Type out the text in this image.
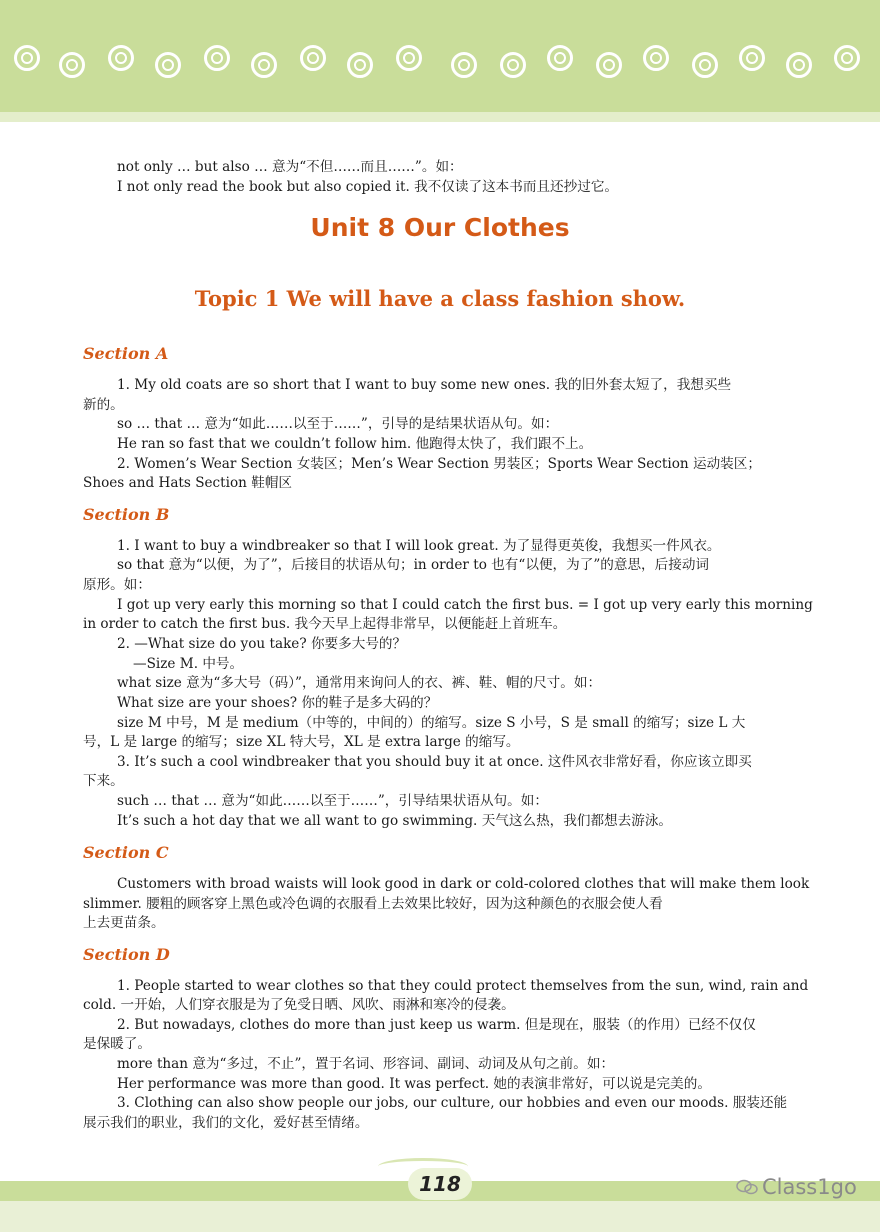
not only … but also … 意为“不但……而且……”。如：
I not only read the book but also copied it. 我不仅读了这本书而且还抄过它。
Unit 8 Our Clothes
Topic 1 We will have a class fashion show.
Section A
1. My old coats are so short that I want to buy some new ones. 我的旧外套太短了，我想买些
新的。
so … that … 意为“如此……以至于……”，引导的是结果状语从句。如：
He ran so fast that we couldn’t follow him. 他跑得太快了，我们跟不上。
2. Women’s Wear Section 女装区；Men’s Wear Section 男装区；Sports Wear Section 运动装区；
Shoes and Hats Section 鞋帽区
Section B
1. I want to buy a windbreaker so that I will look great. 为了显得更英俊，我想买一件风衣。
so that 意为“以便，为了”，后接目的状语从句；in order to 也有“以便，为了”的意思，后接动词
原形。如：
I got up very early this morning so that I could catch the first bus. = I got up very early this morning
in order to catch the first bus. 我今天早上起得非常早，以便能赶上首班车。
2. —What size do you take? 你要多大号的？
—Size M. 中号。
what size 意为“多大号（码）”，通常用来询问人的衣、裤、鞋、帽的尺寸。如：
What size are your shoes? 你的鞋子是多大码的？
size M 中号，M 是 medium（中等的，中间的）的缩写。size S 小号，S 是 small 的缩写；size L 大
号，L 是 large 的缩写；size XL 特大号，XL 是 extra large 的缩写。
3. It’s such a cool windbreaker that you should buy it at once. 这件风衣非常好看，你应该立即买
下来。
such … that … 意为“如此……以至于……”，引导结果状语从句。如：
It’s such a hot day that we all want to go swimming. 天气这么热，我们都想去游泳。
Section C
Customers with broad waists will look good in dark or cold-colored clothes that will make them look
slimmer. 腰粗的顾客穿上黑色或冷色调的衣服看上去效果比较好，因为这种颜色的衣服会使人看
上去更苗条。
Section D
1. People started to wear clothes so that they could protect themselves from the sun, wind, rain and
cold. 一开始，人们穿衣服是为了免受日晒、风吹、雨淋和寒冷的侵袭。
2. But nowadays, clothes do more than just keep us warm. 但是现在，服装（的作用）已经不仅仅
是保暖了。
more than 意为“多过，不止”，置于名词、形容词、副词、动词及从句之前。如：
Her performance was more than good. It was perfect. 她的表演非常好，可以说是完美的。
3. Clothing can also show people our jobs, our culture, our hobbies and even our moods. 服装还能
展示我们的职业，我们的文化，爱好甚至情绪。
118	Class1go
